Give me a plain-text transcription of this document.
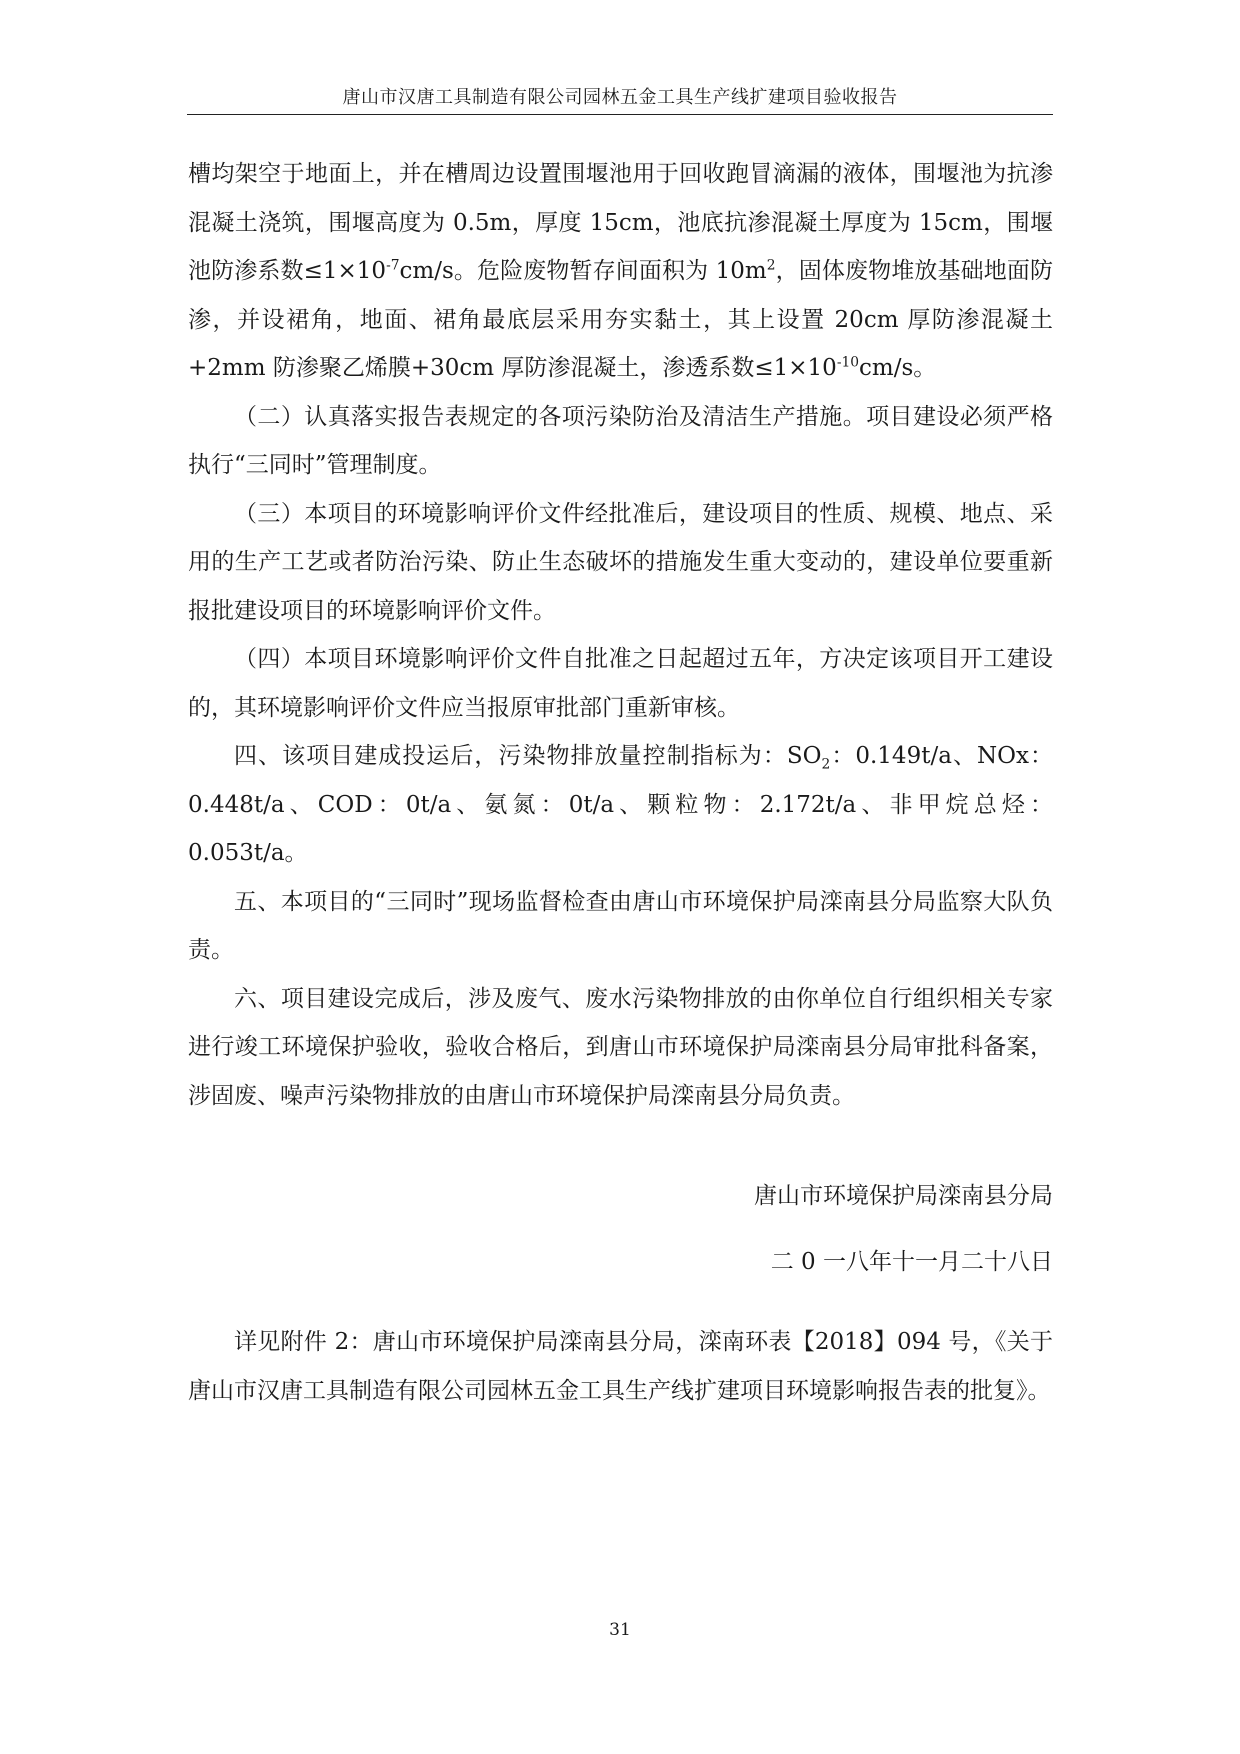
唐山市汉唐工具制造有限公司园林五金工具生产线扩建项目验收报告

槽均架空于地面上，并在槽周边设置围堰池用于回收跑冒滴漏的液体，围堰池为抗渗混凝土浇筑，围堰高度为 0.5m，厚度 15cm，池底抗渗混凝土厚度为 15cm，围堰池防渗系数$\le 1\times 10^{-7}cm/s$。危险废物暂存间面积为 $10m^2$，固体废物堆放基础地面防渗，并设裙角，地面、裙角最底层采用夯实黏土，其上设置 20cm 厚防渗混凝土+2mm 防渗聚乙烯膜+30cm 厚防渗混凝土，渗透系数$\le 1\times 10^{-10}cm/s$。

（二）认真落实报告表规定的各项污染防治及清洁生产措施。项目建设必须严格执行“三同时”管理制度。

（三）本项目的环境影响评价文件经批准后，建设项目的性质、规模、地点、采用的生产工艺或者防治污染、防止生态破坏的措施发生重大变动的，建设单位要重新报批建设项目的环境影响评价文件。

（四）本项目环境影响评价文件自批准之日起超过五年，方决定该项目开工建设的，其环境影响评价文件应当报原审批部门重新审核。

四、该项目建成投运后，污染物排放量控制指标为：$SO_2$：0.149t/a、NOx：0.448t/a、COD：0t/a、氨氮：0t/a、颗粒物：2.172t/a、非甲烷总烃：0.053t/a。

五、本项目的“三同时”现场监督检查由唐山市环境保护局滦南县分局监察大队负责。

六、项目建设完成后，涉及废气、废水污染物排放的由你单位自行组织相关专家进行竣工环境保护验收，验收合格后，到唐山市环境保护局滦南县分局审批科备案，涉固废、噪声污染物排放的由唐山市环境保护局滦南县分局负责。

唐山市环境保护局滦南县分局
二 0 一八年十一月二十八日

详见附件 2：唐山市环境保护局滦南县分局，滦南环表【2018】094 号，《关于唐山市汉唐工具制造有限公司园林五金工具生产线扩建项目环境影响报告表的批复》。

31
